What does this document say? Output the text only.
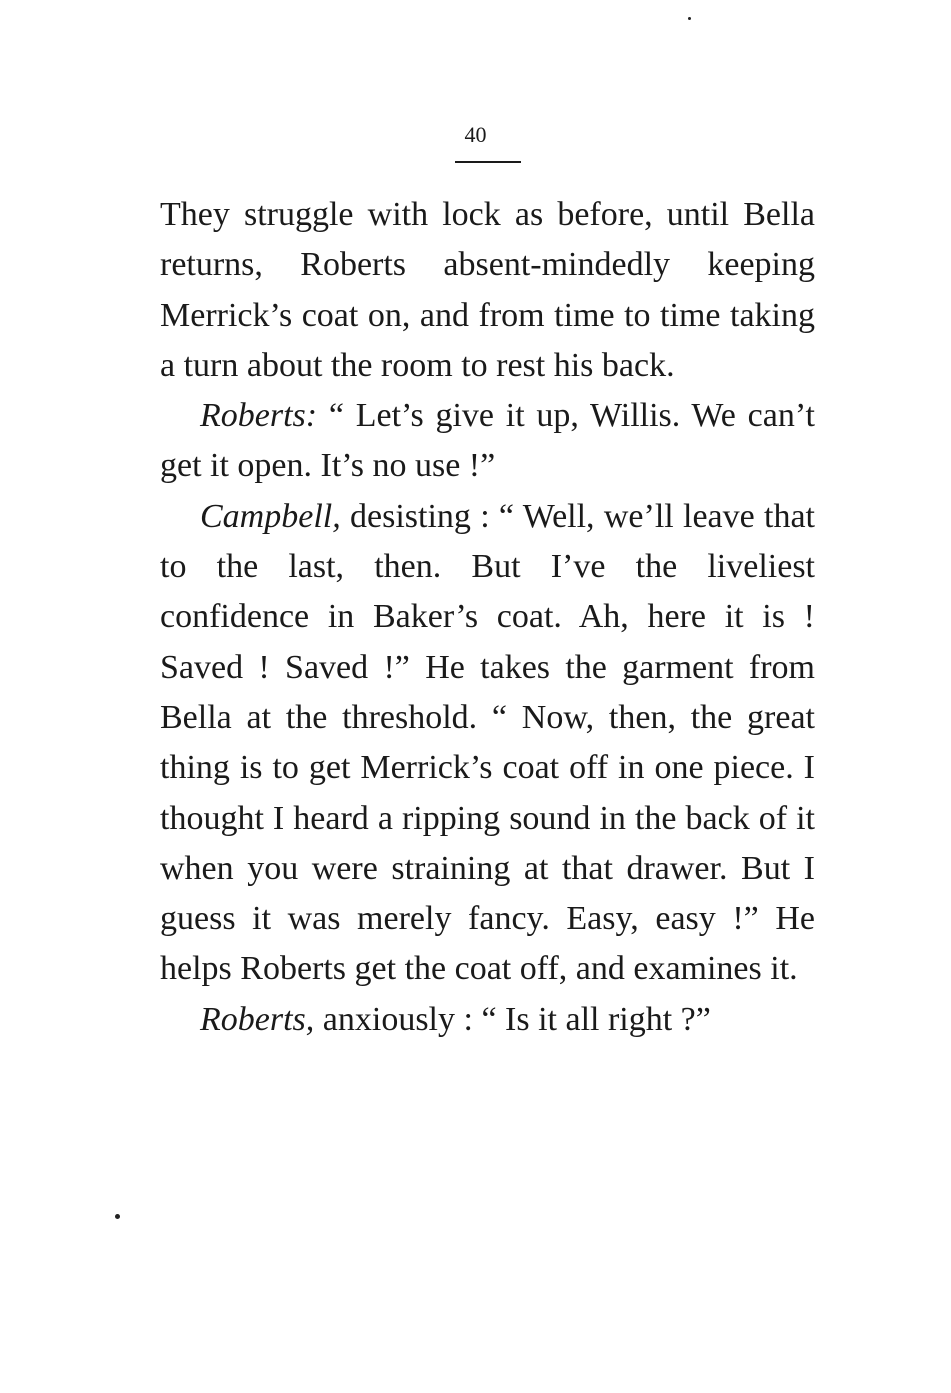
40

They struggle with lock as before, until Bella returns, Roberts absent-mindedly keeping Merrick’s coat on, and from time to time taking a turn about the room to rest his back.

Roberts: “ Let’s give it up, Willis. We can’t get it open. It’s no use !”

Campbell, desisting : “ Well, we’ll leave that to the last, then. But I’ve the liveliest confidence in Baker’s coat. Ah, here it is ! Saved ! Saved !” He takes the garment from Bella at the threshold. “ Now, then, the great thing is to get Merrick’s coat off in one piece. I thought I heard a ripping sound in the back of it when you were straining at that drawer. But I guess it was merely fancy. Easy, easy !” He helps Roberts get the coat off, and examines it.

Roberts, anxiously : “ Is it all right ?”
